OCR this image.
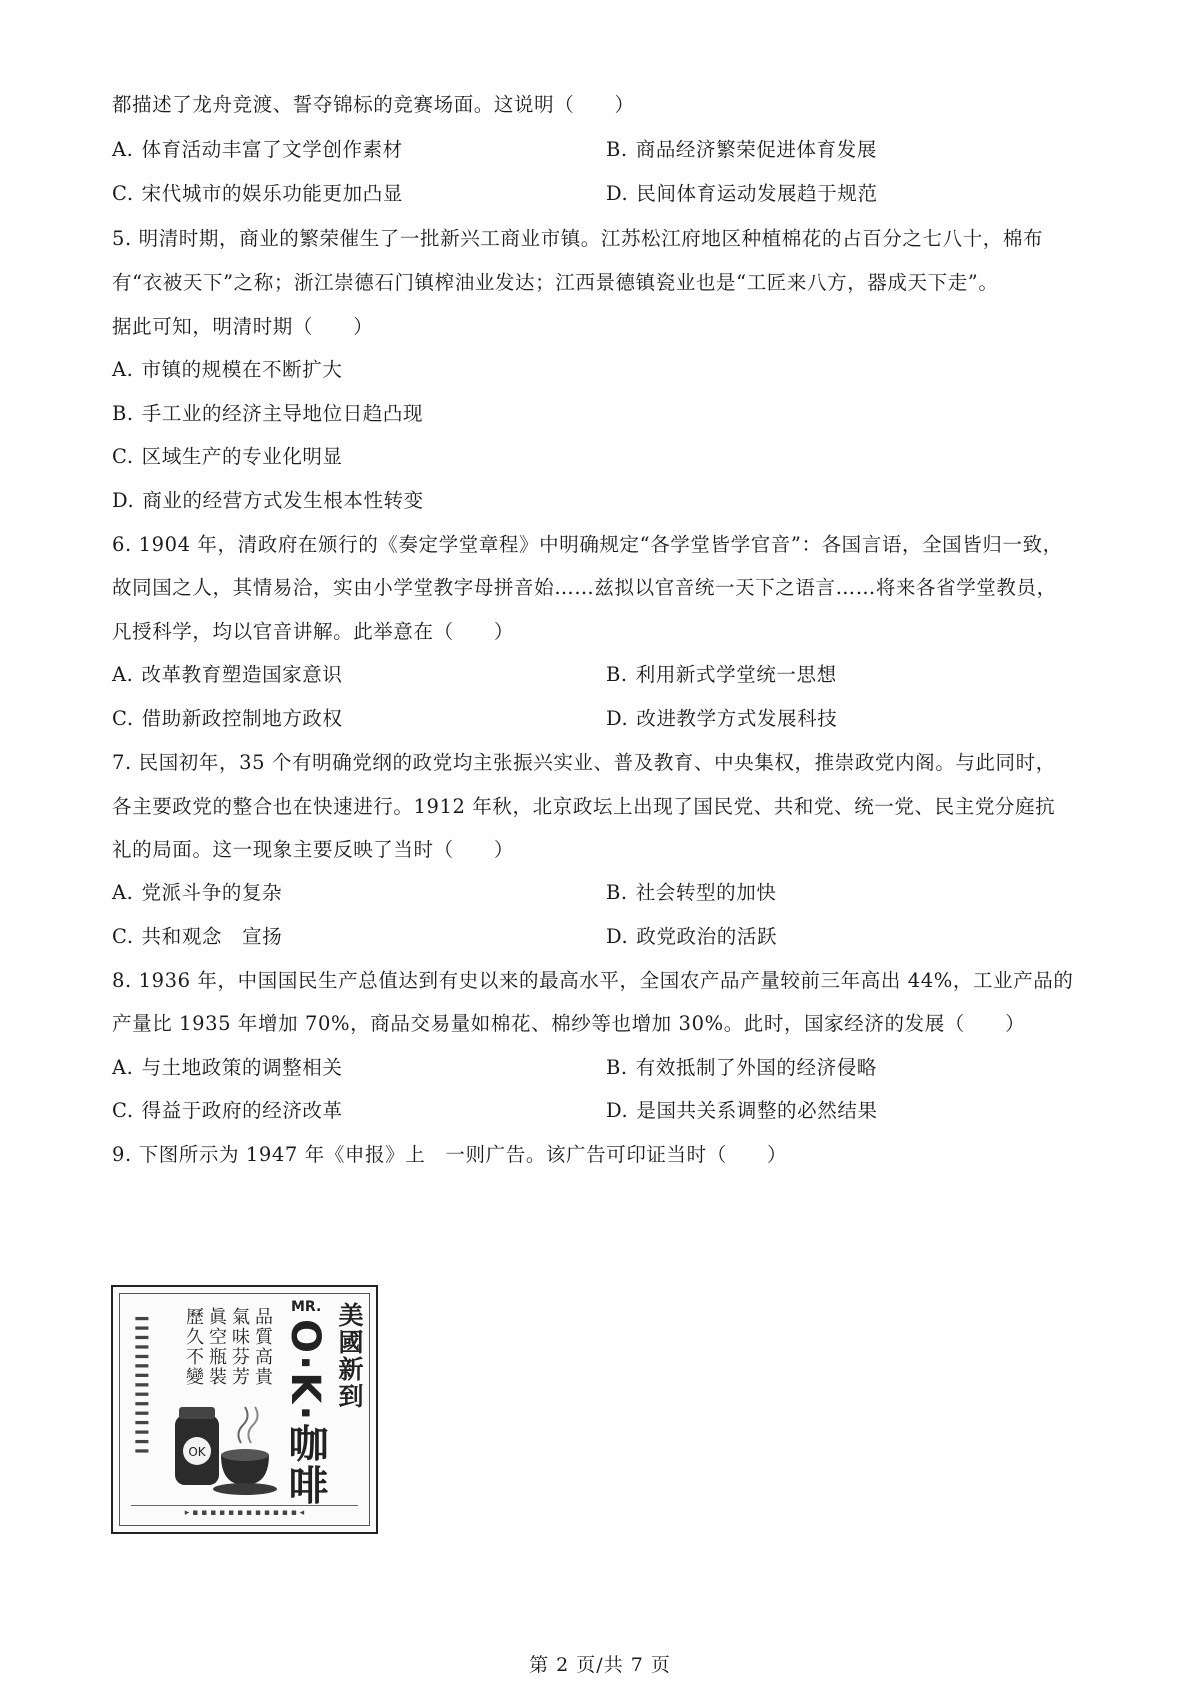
都描述了龙舟竞渡、誓夺锦标的竞赛场面。这说明（　　）
A. 体育活动丰富了文学创作素材	B. 商品经济繁荣促进体育发展
C. 宋代城市的娱乐功能更加凸显	D. 民间体育运动发展趋于规范
5. 明清时期，商业的繁荣催生了一批新兴工商业市镇。江苏松江府地区种植棉花的占百分之七八十，棉布
有“衣被天下”之称；浙江崇德石门镇榨油业发达；江西景德镇瓷业也是“工匠来八方，器成天下走”。
据此可知，明清时期（　　）
A. 市镇的规模在不断扩大
B. 手工业的经济主导地位日趋凸现
C. 区域生产的专业化明显
D. 商业的经营方式发生根本性转变
6. 1904 年，清政府在颁行的《奏定学堂章程》中明确规定“各学堂皆学官音”：各国言语，全国皆归一致，
故同国之人，其情易洽，实由小学堂教字母拼音始……兹拟以官音统一天下之语言……将来各省学堂教员，
凡授科学，均以官音讲解。此举意在（　　）
A. 改革教育塑造国家意识	B. 利用新式学堂统一思想
C. 借助新政控制地方政权	D. 改进教学方式发展科技
7. 民国初年，35 个有明确党纲的政党均主张振兴实业、普及教育、中央集权，推崇政党内阁。与此同时，
各主要政党的整合也在快速进行。1912 年秋，北京政坛上出现了国民党、共和党、统一党、民主党分庭抗
礼的局面。这一现象主要反映了当时（　　）
A. 党派斗争的复杂	B. 社会转型的加快
C. 共和观念　宣扬	D. 政党政治的活跃
8. 1936 年，中国国民生产总值达到有史以来的最高水平，全国农产品产量较前三年高出 44%，工业产品的
产量比 1935 年增加 70%，商品交易量如棉花、棉纱等也增加 30%。此时，国家经济的发展（　　）
A. 与土地政策的调整相关	B. 有效抵制了外国的经济侵略
C. 得益于政府的经济改革	D. 是国共关系调整的必然结果
9. 下图所示为 1947 年《申报》上　一则广告。该广告可印证当时（　　）
美國新到
MR.
O·K·咖啡
品質高貴
氣味芬芳
眞空瓶裝
歷久不變
OK
▍▍▍▍▍▍▍▍▍▍▍▍▍▍▍
▸ ▪ ▪ ▪ ▪ ▪ ▪ ▪ ▪ ▪ ▪ ▪ ▪ ◂
第 2 页/共 7 页
